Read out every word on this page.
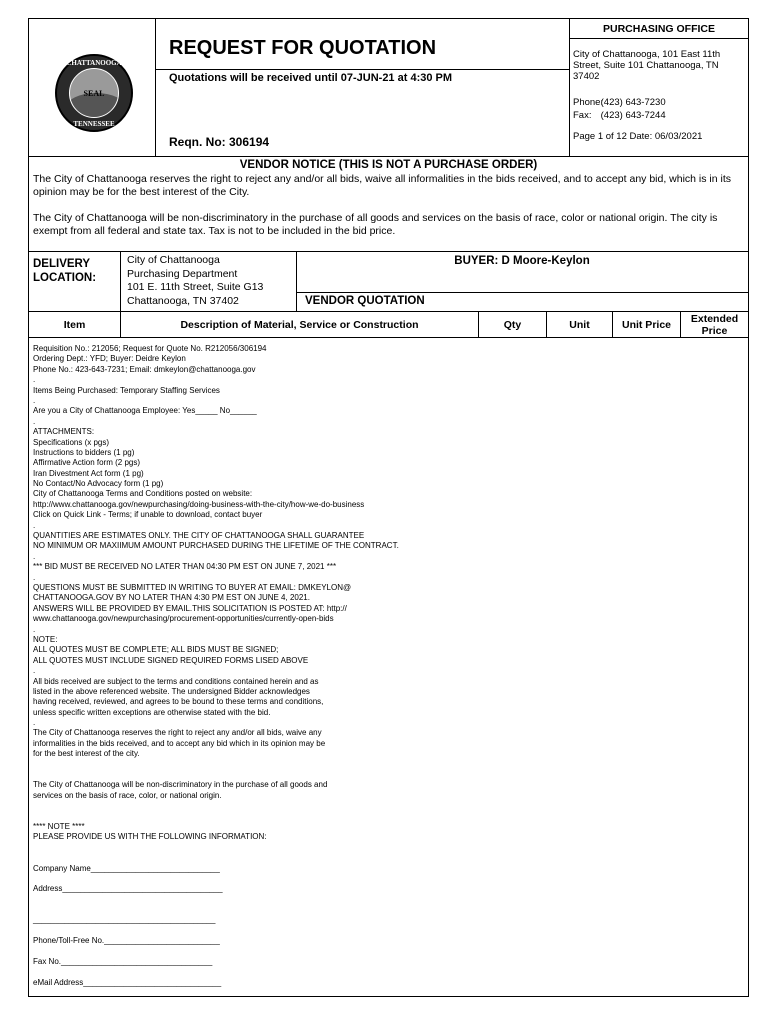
CHATTANOOGA
SEAL
TENNESSEE
REQUEST FOR QUOTATION
Quotations will be received until 07-JUN-21 at 4:30 PM
Reqn. No: 306194
PURCHASING OFFICE
City of Chattanooga, 101 East 11th Street, Suite 101 Chattanooga, TN 37402
Phone: (423) 643-7230
Fax: (423) 643-7244
Page 1 of 12 Date: 06/03/2021
VENDOR NOTICE (THIS IS NOT A PURCHASE ORDER)
The City of Chattanooga reserves the right to reject any and/or all bids, waive all informalities in the bids received, and to accept any bid, which is in its opinion may be for the best interest of the City.
The City of Chattanooga will be non-discriminatory in the purchase of all goods and services on the basis of race, color or national origin. The city is exempt from all federal and state tax. Tax is not to be included in the bid price.
DELIVERY
LOCATION:
City of Chattanooga
Purchasing Department
101 E. 11th Street, Suite G13
Chattanooga, TN 37402
BUYER: D Moore-Keylon
VENDOR QUOTATION
Item	Description of Material, Service or Construction	Qty	Unit	Unit Price	Extended
Price
Requisition No.: 212056; Request for Quote No. R212056/306194
Ordering Dept.: YFD; Buyer: Deidre Keylon
Phone No.: 423-643-7231; Email: dmkeylon@chattanooga.gov
.
Items Being Purchased: Temporary Staffing Services
.
Are you a City of Chattanooga Employee: Yes_____ No______
.
ATTACHMENTS:
Specifications (x pgs)
Instructions to bidders (1 pg)
Affirmative Action form (2 pgs)
Iran Divestment Act form (1 pg)
No Contact/No Advocacy form (1 pg)
City of Chattanooga Terms and Conditions posted on website:
http://www.chattanooga.gov/newpurchasing/doing-business-with-the-city/how-we-do-business
Click on Quick Link - Terms; if unable to download, contact buyer
.
QUANTITIES ARE ESTIMATES ONLY. THE CITY OF CHATTANOOGA SHALL GUARANTEE
NO MINIMUM OR MAXIIMUM AMOUNT PURCHASED DURING THE LIFETIME OF THE CONTRACT.
.
*** BID MUST BE RECEIVED NO LATER THAN 04:30 PM EST ON JUNE 7, 2021 ***
.
QUESTIONS MUST BE SUBMITTED IN WRITING TO BUYER AT EMAIL: DMKEYLON@
CHATTANOOGA.GOV BY NO LATER THAN 4:30 PM EST ON JUNE 4, 2021.
ANSWERS WILL BE PROVIDED BY EMAIL.THIS SOLICITATION IS POSTED AT: http://
www.chattanooga.gov/newpurchasing/procurement-opportunities/currently-open-bids
.
NOTE:
ALL QUOTES MUST BE COMPLETE; ALL BIDS MUST BE SIGNED;
ALL QUOTES MUST INCLUDE SIGNED REQUIRED FORMS LISED ABOVE
.
All bids received are subject to the terms and conditions contained herein and as
listed in the above referenced website. The undersigned Bidder acknowledges
having received, reviewed, and agrees to be bound to these terms and conditions,
unless specific written exceptions are otherwise stated with the bid.
.
The City of Chattanooga reserves the right to reject any and/or all bids, waive any
informalities in the bids received, and to accept any bid which in its opinion may be
for the best interest of the city.
The City of Chattanooga will be non-discriminatory in the purchase of all goods and
services on the basis of race, color, or national origin.
**** NOTE ****
PLEASE PROVIDE US WITH THE FOLLOWING INFORMATION:
Company Name_____________________________
Address____________________________________
_________________________________________
Phone/Toll-Free No.__________________________
Fax No.__________________________________
eMail Address_______________________________
